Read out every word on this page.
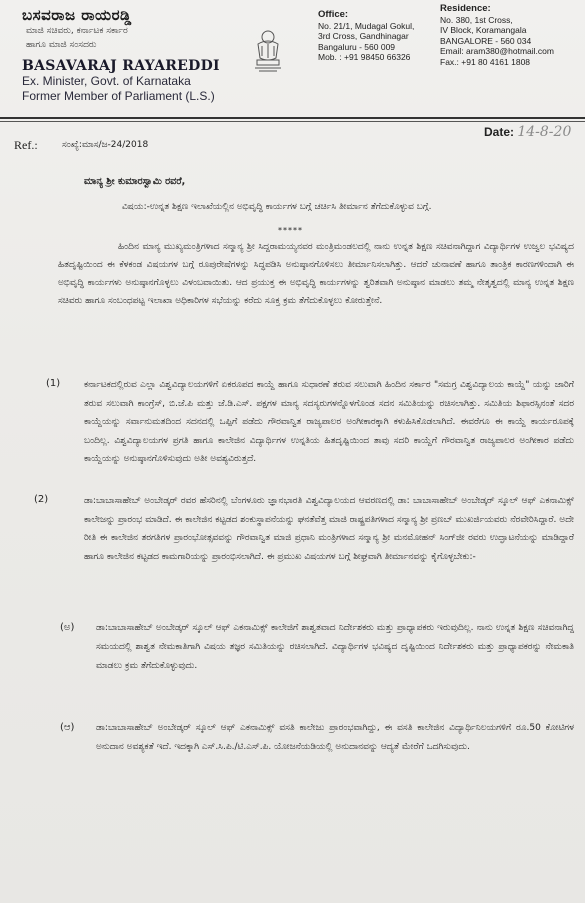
ಬಸವರಾಜ ರಾಯರಡ್ಡಿ
ಮಾಜಿ ಸಚಿವರು, ಕರ್ನಾಟಕ ಸರ್ಕಾರ
ಹಾಗೂ ಮಾಜಿ ಸಂಸದರು
BASAVARAJ RAYAREDDI
Ex. Minister, Govt. of Karnataka
Former Member of Parliament (L.S.)
Office:
No. 21/1, Mudagal Gokul,
3rd Cross, Gandhinagar
Bangaluru - 560 009
Mob. : +91 98450 66326
Residence:
No. 380, 1st Cross,
IV Block, Koramangala
BANGALORE - 560 034
Email: aram380@hotmail.com
Fax.: +91 80 4161 1808
Ref.:	ಸಂಖ್ಯೆ:ಮಾಸ/ಜ-24/2018
Date: 14-8-20
ಮಾನ್ಯ ಶ್ರೀ ಕುಮಾರಸ್ವಾಮಿ ರವರೆ,
ವಿಷಯ:-ಉನ್ನತ ಶಿಕ್ಷಣ ಇಲಾಖೆಯಲ್ಲಿನ ಅಭಿವೃದ್ಧಿ ಕಾರ್ಯಗಳ ಬಗ್ಗೆ ಚರ್ಚಿಸಿ ತೀರ್ಮಾನ ತೆಗೆದುಕೊಳ್ಳುವ ಬಗ್ಗೆ.
*****
ಹಿಂದಿನ ಮಾನ್ಯ ಮುಖ್ಯಮಂತ್ರಿಗಳಾದ ಸನ್ಮಾನ್ಯ ಶ್ರೀ ಸಿದ್ದರಾಮಯ್ಯನವರ ಮಂತ್ರಿಮಂಡಲದಲ್ಲಿ ನಾನು ಉನ್ನತ ಶಿಕ್ಷಣ ಸಚಿವನಾಗಿದ್ದಾಗ ವಿದ್ಯಾರ್ಥಿಗಳ ಉಜ್ವಲ ಭವಿಷ್ಯದ ಹಿತದೃಷ್ಟಿಯಿಂದ ಈ ಕೆಳಕಂಡ ವಿಷಯಗಳ ಬಗ್ಗೆ ರೂಪುರೇಷೆಗಳನ್ನು ಸಿದ್ಧಪಡಿಸಿ ಅನುಷ್ಠಾನಗೊಳಿಸಲು ತೀರ್ಮಾನಿಸಲಾಗಿತ್ತು. ಆದರೆ ಚುನಾವಣೆ ಹಾಗೂ ತಾಂತ್ರಿಕ ಕಾರಣಗಳಿಂದಾಗಿ ಈ ಅಭಿವೃದ್ಧಿ ಕಾರ್ಯಗಳು ಅನುಷ್ಠಾನಗೊಳ್ಳಲು ವಿಳಂಬವಾಯಿತು. ಆದ ಪ್ರಯುಕ್ತ ಈ ಅಭಿವೃದ್ಧಿ ಕಾರ್ಯಗಳನ್ನು ತ್ವರಿತವಾಗಿ ಅನುಷ್ಠಾನ ಮಾಡಲು ತಮ್ಮ ನೇತೃತ್ವದಲ್ಲಿ ಮಾನ್ಯ ಉನ್ನತ ಶಿಕ್ಷಣ ಸಚಿವರು ಹಾಗೂ ಸಂಬಂಧಪಟ್ಟ ಇಲಾಖಾ ಅಧಿಕಾರಿಗಳ ಸಭೆಯನ್ನು ಕರೆದು ಸೂಕ್ತ ಕ್ರಮ ತೆಗೆದುಕೊಳ್ಳಲು ಕೋರುತ್ತೇನೆ.
(1)	ಕರ್ನಾಟಕದಲ್ಲಿರುವ ಎಲ್ಲಾ ವಿಶ್ವವಿದ್ಯಾಲಯಗಳಿಗೆ ಏಕರೂಪದ ಕಾಯ್ದೆ ಹಾಗೂ ಸುಧಾರಣೆ ತರುವ ಸಲುವಾಗಿ ಹಿಂದಿನ ಸರ್ಕಾರ "ಸಮಗ್ರ ವಿಶ್ವವಿದ್ಯಾಲಯ ಕಾಯ್ದೆ" ಯನ್ನು ಜಾರಿಗೆ ತರುವ ಸಲುವಾಗಿ ಕಾಂಗ್ರೆಸ್, ಬಿ.ಜೆ.ಪಿ ಮತ್ತು ಜೆ.ಡಿ.ಎಸ್. ಪಕ್ಷಗಳ ಮಾನ್ಯ ಸದಸ್ಯರುಗಳನ್ನೊಳಗೊಂಡ ಸದನ ಸಮಿತಿಯನ್ನು ರಚಿಸಲಾಗಿತ್ತು. ಸಮಿತಿಯ ಶಿಫಾರಸ್ಸಿನಂತೆ ಸದರ ಕಾಯ್ದೆಯನ್ನು ಸರ್ವಾನುಮತದಿಂದ ಸದನದಲ್ಲಿ ಒಪ್ಪಿಗೆ ಪಡೆದು ಗೌರವಾನ್ವಿತ ರಾಜ್ಯಪಾಲರ ಅಂಗೀಕಾರಕ್ಕಾಗಿ ಕಳುಹಿಸಿಕೊಡಲಾಗಿದೆ. ಈವರೆಗೂ ಈ ಕಾಯ್ದೆ ಕಾರ್ಯರೂಪಕ್ಕೆ ಬಂದಿಲ್ಲ. ವಿಶ್ವವಿದ್ಯಾಲಯಗಳ ಪ್ರಗತಿ ಹಾಗೂ ಕಾಲೇಜಿನ ವಿದ್ಯಾರ್ಥಿಗಳ ಉನ್ನತಿಯ ಹಿತದೃಷ್ಟಿಯಿಂದ ತಾವು ಸದರಿ ಕಾಯ್ದೆಗೆ ಗೌರವಾನ್ವಿತ ರಾಜ್ಯಪಾಲರ ಅಂಗೀಕಾರ ಪಡೆದು ಕಾಯ್ದೆಯನ್ನು ಅನುಷ್ಠಾನಗೊಳಿಸುವುದು ಅತೀ ಅವಶ್ಯವಿರುತ್ತದೆ.
(2)	ಡಾ:ಬಾಬಾಸಾಹೇಬ್ ಅಂಬೇಡ್ಕರ್ ರವರ ಹೆಸರಿನಲ್ಲಿ ಬೆಂಗಳೂರು ಜ್ಞಾನಭಾರತಿ ವಿಶ್ವವಿದ್ಯಾಲಯದ ಆವರಣದಲ್ಲಿ ಡಾ: ಬಾಬಾಸಾಹೇಬ್ ಅಂಬೇಡ್ಕರ್ ಸ್ಕೂಲ್ ಆಫ್ ಎಕನಾಮಿಕ್ಸ್ ಕಾಲೇಜನ್ನು ಪ್ರಾರಂಭ ಮಾಡಿದೆ. ಈ ಕಾಲೇಜಿನ ಕಟ್ಟಡದ ಶಂಕುಸ್ಥಾಪನೆಯನ್ನು ಘನತೆವೆತ್ತ ಮಾಜಿ ರಾಷ್ಟ್ರಪತಿಗಳಾದ ಸನ್ಮಾನ್ಯ ಶ್ರೀ ಪ್ರಣಬ್ ಮುಖರ್ಜಿಯವರು ನೆರವೇರಿಸಿದ್ದಾರೆ. ಅದೇ ರೀತಿ ಈ ಕಾಲೇಜಿನ ತರಗತಿಗಳ ಪ್ರಾರಂಭೋತ್ಸವವನ್ನು ಗೌರವಾನ್ವಿತ ಮಾಜಿ ಪ್ರಧಾನಿ ಮಂತ್ರಿಗಳಾದ ಸನ್ಮಾನ್ಯ ಶ್ರೀ ಮನಮೋಹನ್ ಸಿಂಗ್‌ಜೀ ರವರು ಉದ್ಘಾಟನೆಯನ್ನು ಮಾಡಿದ್ದಾರೆ ಹಾಗೂ ಕಾಲೇಜಿನ ಕಟ್ಟಡದ ಕಾಮಗಾರಿಯನ್ನು ಪ್ರಾರಂಭಿಸಲಾಗಿದೆ. ಈ ಪ್ರಮುಖ ವಿಷಯಗಳ ಬಗ್ಗೆ ಶೀಘ್ರವಾಗಿ ತೀರ್ಮಾನವನ್ನು ಕೈಗೊಳ್ಳಬೇಕು:-
(ಅ) ಡಾ:ಬಾಬಾಸಾಹೇಬ್ ಅಂಬೇಡ್ಕರ್ ಸ್ಕೂಲ್ ಆಫ್ ಎಕನಾಮಿಕ್ಸ್ ಕಾಲೇಜಿಗೆ ಶಾಶ್ವತವಾದ ನಿರ್ದೇಶಕರು ಮತ್ತು ಪ್ರಾಧ್ಯಾಪಕರು ಇರುವುದಿಲ್ಲ. ನಾನು ಉನ್ನತ ಶಿಕ್ಷಣ ಸಚಿವನಾಗಿದ್ದ ಸಮಯದಲ್ಲಿ ಶಾಶ್ವತ ನೇಮಕಾತಿಗಾಗಿ ವಿಷಯ ತಜ್ಞರ ಸಮಿತಿಯನ್ನು ರಚಿಸಲಾಗಿದೆ. ವಿದ್ಯಾರ್ಥಿಗಳ ಭವಿಷ್ಯದ ದೃಷ್ಟಿಯಿಂದ ನಿರ್ದೇಶಕರು ಮತ್ತು ಪ್ರಾಧ್ಯಾಪಕರನ್ನು ನೇಮಕಾತಿ ಮಾಡಲು ಕ್ರಮ ತೆಗೆದುಕೊಳ್ಳುವುದು.
(ಆ) ಡಾ:ಬಾಬಾಸಾಹೇಬ್ ಅಂಬೇಡ್ಕರ್ ಸ್ಕೂಲ್ ಆಫ್ ಎಕನಾಮಿಕ್ಸ್ ವಸತಿ ಕಾಲೇಜು ಪ್ರಾರಂಭವಾಗಿದ್ದು, ಈ ವಸತಿ ಕಾಲೇಜಿನ ವಿದ್ಯಾರ್ಥಿನಿಲಯಗಳಿಗೆ ರೂ.50 ಕೋಟಿಗಳ ಅನುದಾನ ಅವಶ್ಯಕತೆ ಇದೆ. ಇದಕ್ಕಾಗಿ ಎಸ್.ಸಿ.ಪಿ./ಟಿ.ಎಸ್.ಪಿ. ಯೋಜನೆಯಡಿಯಲ್ಲಿ ಅನುದಾನವನ್ನು ಆದ್ಯತೆ ಮೇರೆಗೆ ಒದಗಿಸುವುದು.
